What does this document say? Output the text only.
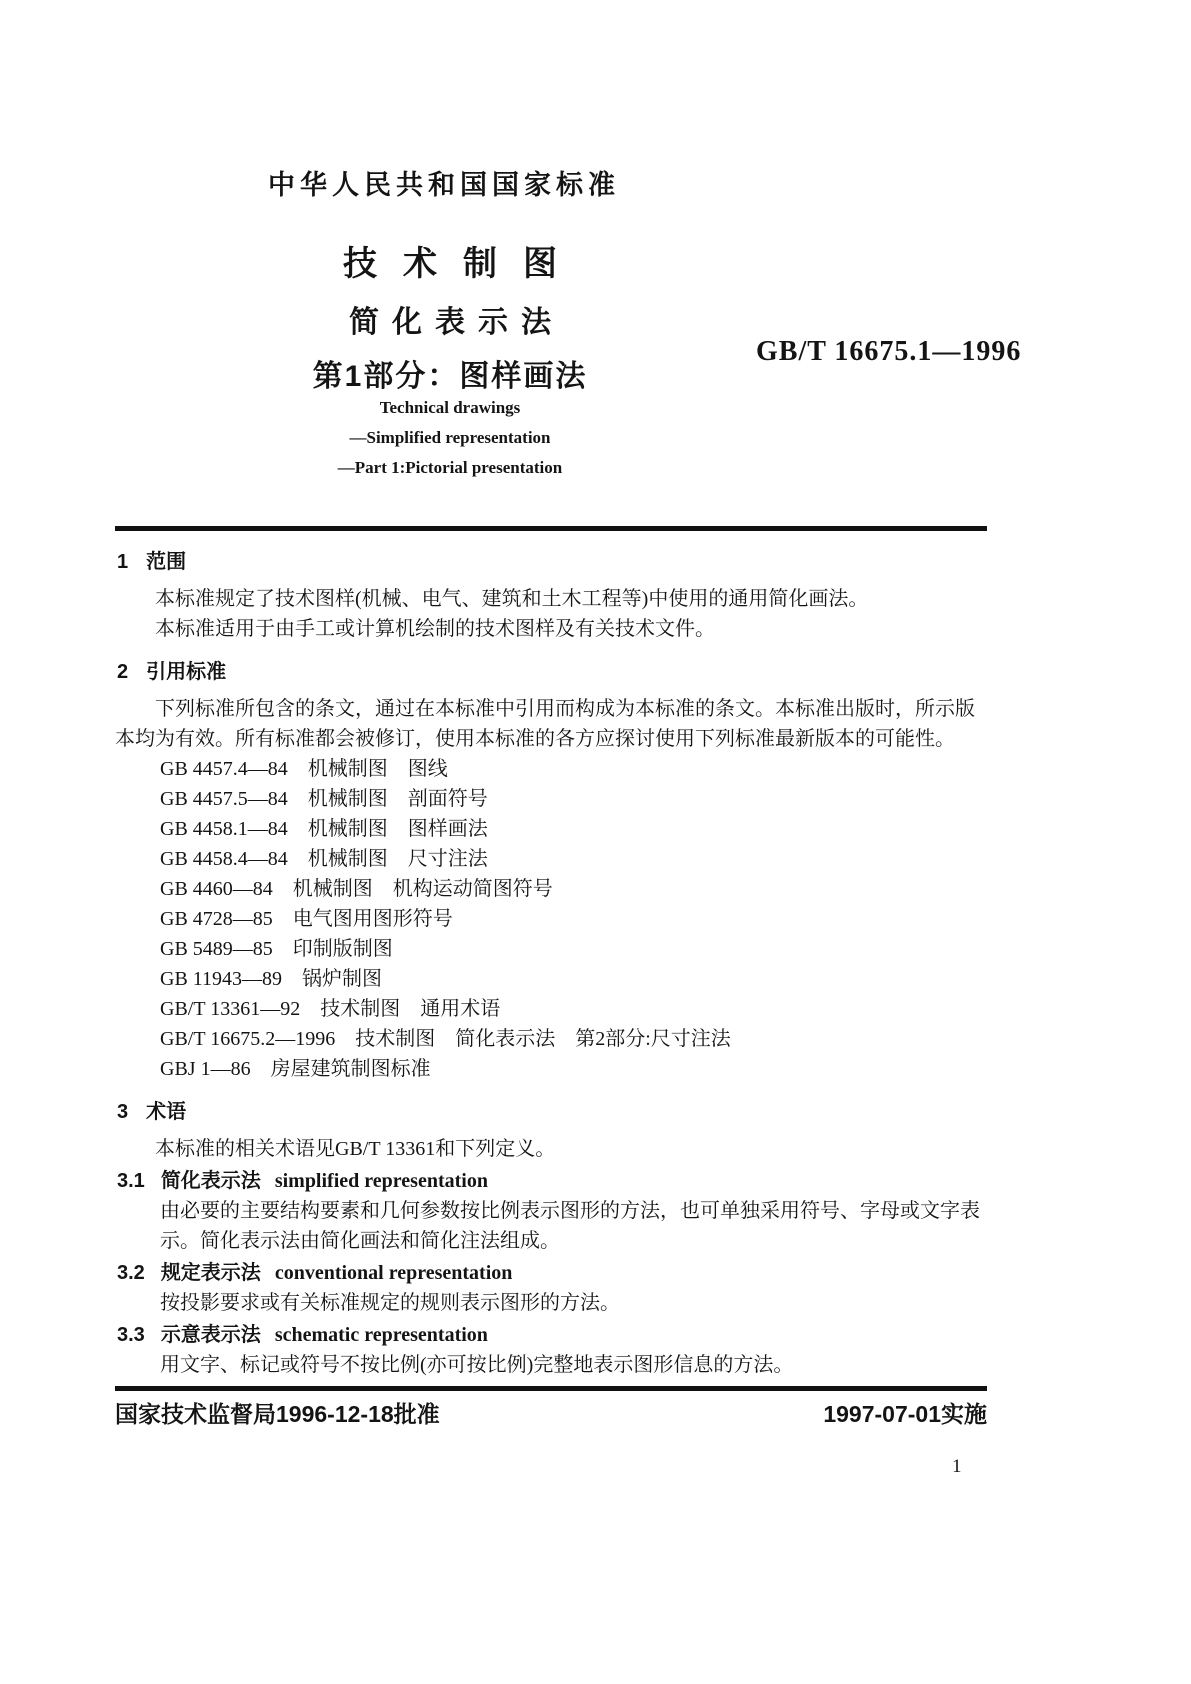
中华人民共和国国家标准
技术制图
简化表示法
第1部分：图样画法
GB/T 16675.1—1996
Technical drawings
—Simplified representation
—Part 1:Pictorial presentation
1 范围

本标准规定了技术图样(机械、电气、建筑和土木工程等)中使用的通用简化画法。

本标准适用于由手工或计算机绘制的技术图样及有关技术文件。

2 引用标准

下列标准所包含的条文，通过在本标准中引用而构成为本标准的条文。本标准出版时，所示版本均为有效。所有标准都会被修订，使用本标准的各方应探讨使用下列标准最新版本的可能性。

GB 4457.4—84　机械制图　图线
GB 4457.5—84　机械制图　剖面符号
GB 4458.1—84　机械制图　图样画法
GB 4458.4—84　机械制图　尺寸注法
GB 4460—84　机械制图　机构运动简图符号
GB 4728—85　电气图用图形符号
GB 5489—85　印制版制图
GB 11943—89　锅炉制图
GB/T 13361—92　技术制图　通用术语
GB/T 16675.2—1996　技术制图　简化表示法　第2部分:尺寸注法
GBJ 1—86　房屋建筑制图标准
3 术语

本标准的相关术语见GB/T 13361和下列定义。

3.1 简化表示法 simplified representation

由必要的主要结构要素和几何参数按比例表示图形的方法，也可单独采用符号、字母或文字表示。简化表示法由简化画法和简化注法组成。

3.2 规定表示法 conventional representation

按投影要求或有关标准规定的规则表示图形的方法。

3.3 示意表示法 schematic representation

用文字、标记或符号不按比例(亦可按比例)完整地表示图形信息的方法。

国家技术监督局1996-12-18批准	1997-07-01实施
1
